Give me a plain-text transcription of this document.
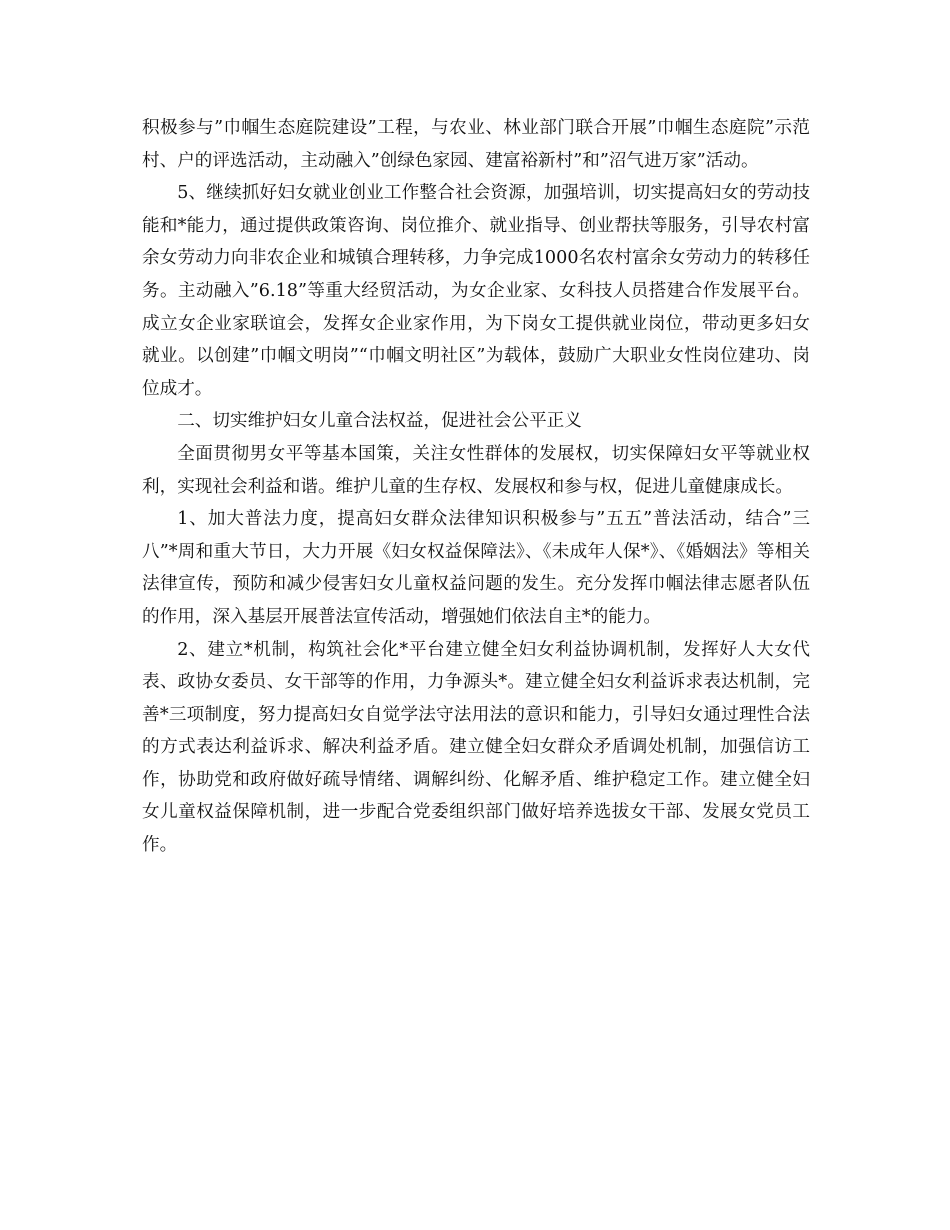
积极参与”巾帼生态庭院建设”工程，与农业、林业部门联合开展”巾帼生态庭院”示范村、户的评选活动，主动融入”创绿色家园、建富裕新村”和”沼气进万家”活动。

5、继续抓好妇女就业创业工作整合社会资源，加强培训，切实提高妇女的劳动技能和*能力，通过提供政策咨询、岗位推介、就业指导、创业帮扶等服务，引导农村富余女劳动力向非农企业和城镇合理转移，力争完成1000名农村富余女劳动力的转移任务。主动融入”6.18”等重大经贸活动，为女企业家、女科技人员搭建合作发展平台。成立女企业家联谊会，发挥女企业家作用，为下岗女工提供就业岗位，带动更多妇女就业。以创建”巾帼文明岗”“巾帼文明社区”为载体，鼓励广大职业女性岗位建功、岗位成才。

二、切实维护妇女儿童合法权益，促进社会公平正义

全面贯彻男女平等基本国策，关注女性群体的发展权，切实保障妇女平等就业权利，实现社会利益和谐。维护儿童的生存权、发展权和参与权，促进儿童健康成长。

1、加大普法力度，提高妇女群众法律知识积极参与”五五”普法活动，结合”三八”*周和重大节日，大力开展《妇女权益保障法》、《未成年人保*》、《婚姻法》等相关法律宣传，预防和减少侵害妇女儿童权益问题的发生。充分发挥巾帼法律志愿者队伍的作用，深入基层开展普法宣传活动，增强她们依法自主*的能力。

2、建立*机制，构筑社会化*平台建立健全妇女利益协调机制，发挥好人大女代表、政协女委员、女干部等的作用，力争源头*。建立健全妇女利益诉求表达机制，完善*三项制度，努力提高妇女自觉学法守法用法的意识和能力，引导妇女通过理性合法的方式表达利益诉求、解决利益矛盾。建立健全妇女群众矛盾调处机制，加强信访工作，协助党和政府做好疏导情绪、调解纠纷、化解矛盾、维护稳定工作。建立健全妇女儿童权益保障机制，进一步配合党委组织部门做好培养选拔女干部、发展女党员工作。
